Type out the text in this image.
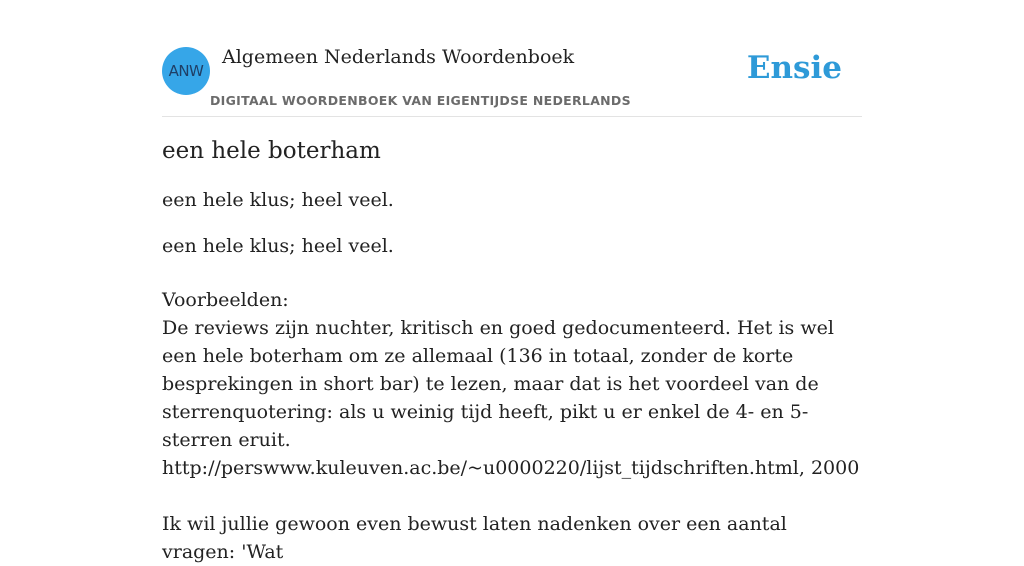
ANW
Algemeen Nederlands Woordenboek
DIGITAAL WOORDENBOEK VAN EIGENTIJDSE NEDERLANDS
Ensie
een hele boterham

een hele klus; heel veel.

een hele klus; heel veel.

Voorbeelden:
De reviews zijn nuchter, kritisch en goed gedocumenteerd. Het is wel een hele boterham om ze allemaal (136 in totaal, zonder de korte besprekingen in short bar) te lezen, maar dat is het voordeel van de sterrenquotering: als u weinig tijd heeft, pikt u er enkel de 4- en 5-sterren eruit.
http://perswww.kuleuven.ac.be/~u0000220/lijst_tijdschriften.html, 2000
Ik wil jullie gewoon even bewust laten nadenken over een aantal vragen: 'Wat
